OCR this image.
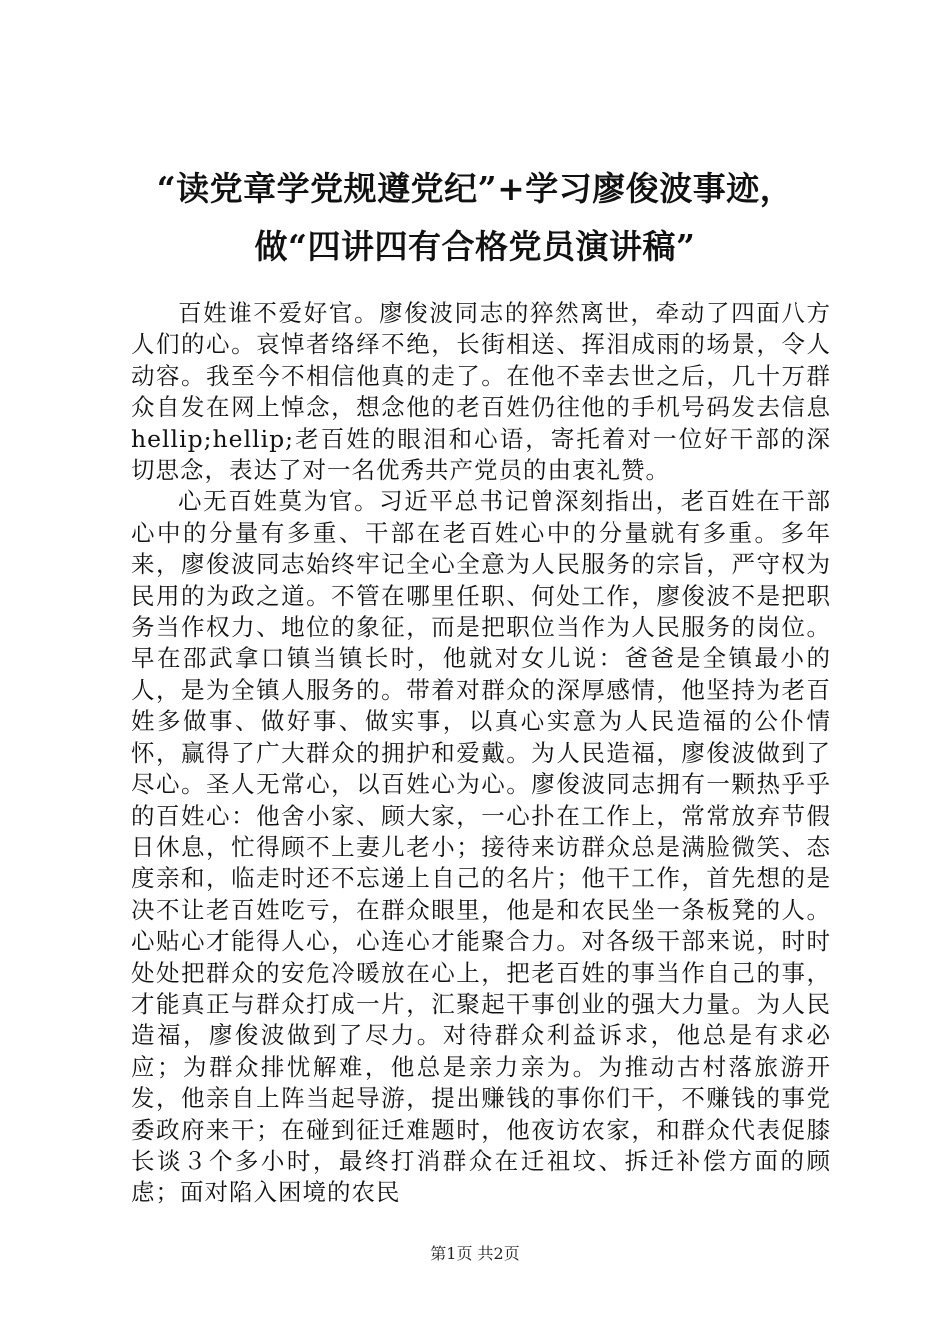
“读党章学党规遵党纪”+学习廖俊波事迹，
做“四讲四有合格党员演讲稿”

百姓谁不爱好官。廖俊波同志的猝然离世，牵动了四面八方人们的心。哀悼者络绎不绝，长街相送、挥泪成雨的场景，令人动容。我至今不相信他真的走了。在他不幸去世之后，几十万群众自发在网上悼念，想念他的老百姓仍往他的手机号码发去信息hellip;hellip;老百姓的眼泪和心语，寄托着对一位好干部的深切思念，表达了对一名优秀共产党员的由衷礼赞。

心无百姓莫为官。习近平总书记曾深刻指出，老百姓在干部心中的分量有多重、干部在老百姓心中的分量就有多重。多年来，廖俊波同志始终牢记全心全意为人民服务的宗旨，严守权为民用的为政之道。不管在哪里任职、何处工作，廖俊波不是把职务当作权力、地位的象征，而是把职位当作为人民服务的岗位。早在邵武拿口镇当镇长时，他就对女儿说：爸爸是全镇最小的人，是为全镇人服务的。带着对群众的深厚感情，他坚持为老百姓多做事、做好事、做实事，以真心实意为人民造福的公仆情怀，赢得了广大群众的拥护和爱戴。为人民造福，廖俊波做到了尽心。圣人无常心，以百姓心为心。廖俊波同志拥有一颗热乎乎的百姓心：他舍小家、顾大家，一心扑在工作上，常常放弃节假日休息，忙得顾不上妻儿老小；接待来访群众总是满脸微笑、态度亲和，临走时还不忘递上自己的名片；他干工作，首先想的是决不让老百姓吃亏，在群众眼里，他是和农民坐一条板凳的人。心贴心才能得人心，心连心才能聚合力。对各级干部来说，时时处处把群众的安危冷暖放在心上，把老百姓的事当作自己的事，才能真正与群众打成一片，汇聚起干事创业的强大力量。为人民造福，廖俊波做到了尽力。对待群众利益诉求，他总是有求必应；为群众排忧解难，他总是亲力亲为。为推动古村落旅游开发，他亲自上阵当起导游，提出赚钱的事你们干，不赚钱的事党委政府来干；在碰到征迁难题时，他夜访农家，和群众代表促膝长谈３个多小时，最终打消群众在迁祖坟、拆迁补偿方面的顾虑；面对陷入困境的农民

第1页 共2页
